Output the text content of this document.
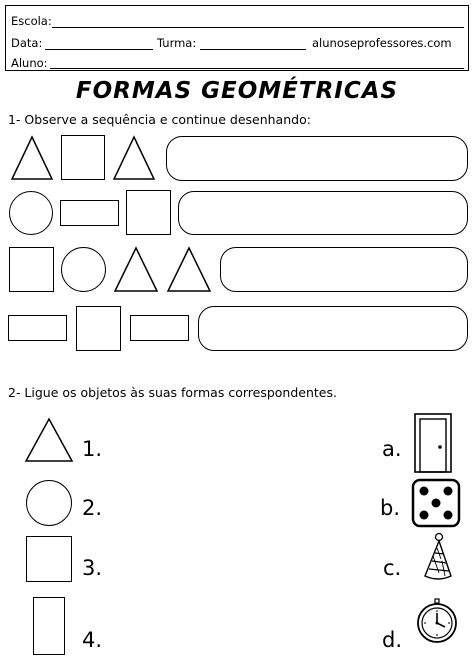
Escola:
Data:	Turma:	alunoseprofessores.com
Aluno:
FORMAS GEOMÉTRICAS
1- Observe a sequência e continue desenhando:
2- Ligue os objetos às suas formas correspondentes.
1.
2.
3.
4.
a.
b.
c.
d.
